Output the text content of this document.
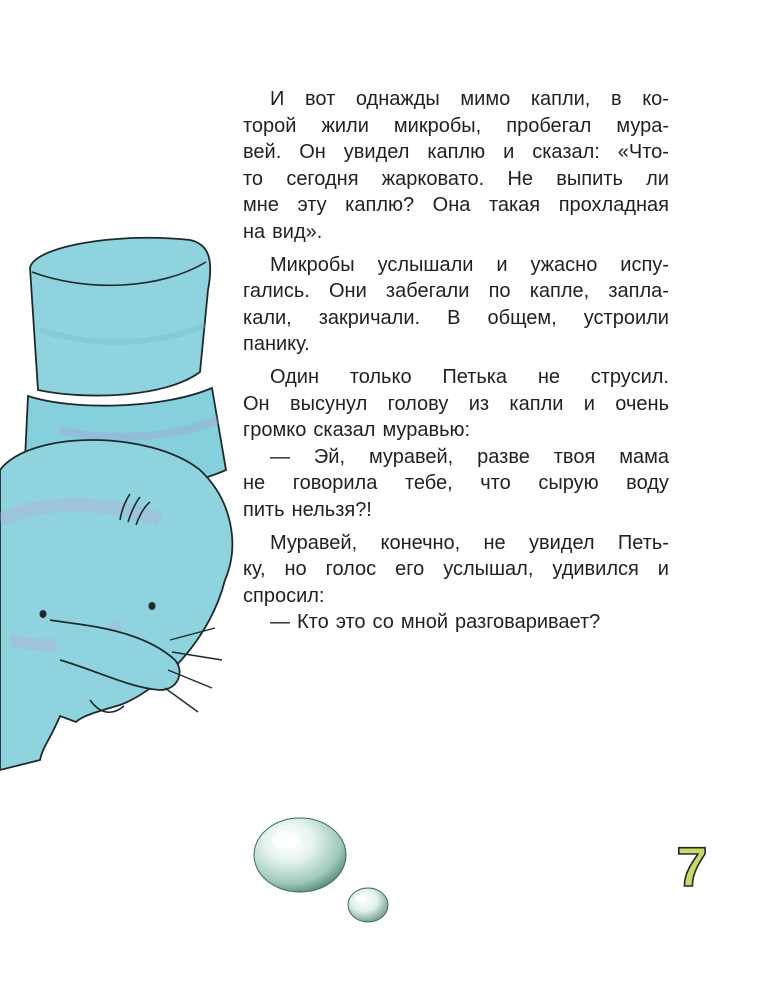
И вот однажды мимо капли, в ко-
торой жили микробы, пробегал мура-
вей. Он увидел каплю и сказал: «Что-
то сегодня жарковато. Не выпить ли
мне эту каплю? Она такая прохладная
на вид».
Микробы услышали и ужасно испу-
гались. Они забегали по капле, запла-
кали, закричали. В общем, устроили
панику.
Один только Петька не струсил.
Он высунул голову из капли и очень
громко сказал муравью:
— Эй, муравей, разве твоя мама
не говорила тебе, что сырую воду
пить нельзя?!
Муравей, конечно, не увидел Петь-
ку, но голос его услышал, удивился и
спросил:
— Кто это со мной разговаривает?
7
